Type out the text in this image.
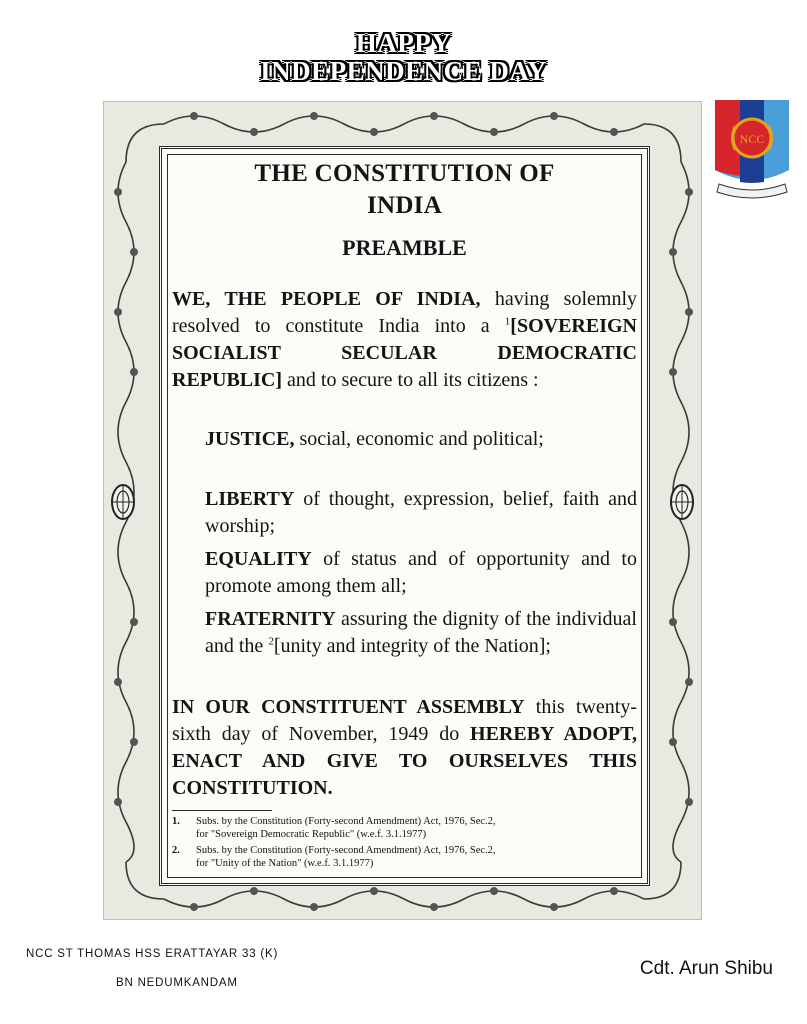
HAPPY
INDEPENDENCE DAY
THE CONSTITUTION OF
INDIA
PREAMBLE
WE, THE PEOPLE OF INDIA, having solemnly resolved to constitute India into a $^1$[SOVEREIGN SOCIALIST SECULAR DEMOCRATIC REPUBLIC] and to secure to all its citizens :
JUSTICE, social, economic and political;
LIBERTY of thought, expression, belief, faith and worship;
EQUALITY of status and of opportunity and to promote among them all;
FRATERNITY assuring the dignity of the individual and the $^2$[unity and integrity of the Nation];
IN OUR CONSTITUENT ASSEMBLY this twenty-sixth day of November, 1949 do HEREBY ADOPT, ENACT AND GIVE TO OURSELVES THIS CONSTITUTION.
1. Subs. by the Constitution (Forty-second Amendment) Act, 1976, Sec.2,
for "Sovereign Democratic Republic" (w.e.f. 3.1.1977)
2. Subs. by the Constitution (Forty-second Amendment) Act, 1976, Sec.2,
for "Unity of the Nation" (w.e.f. 3.1.1977)
NCC
NCC ST THOMAS HSS ERATTAYAR 33 (K)
BN NEDUMKANDAM
Cdt. Arun Shibu
